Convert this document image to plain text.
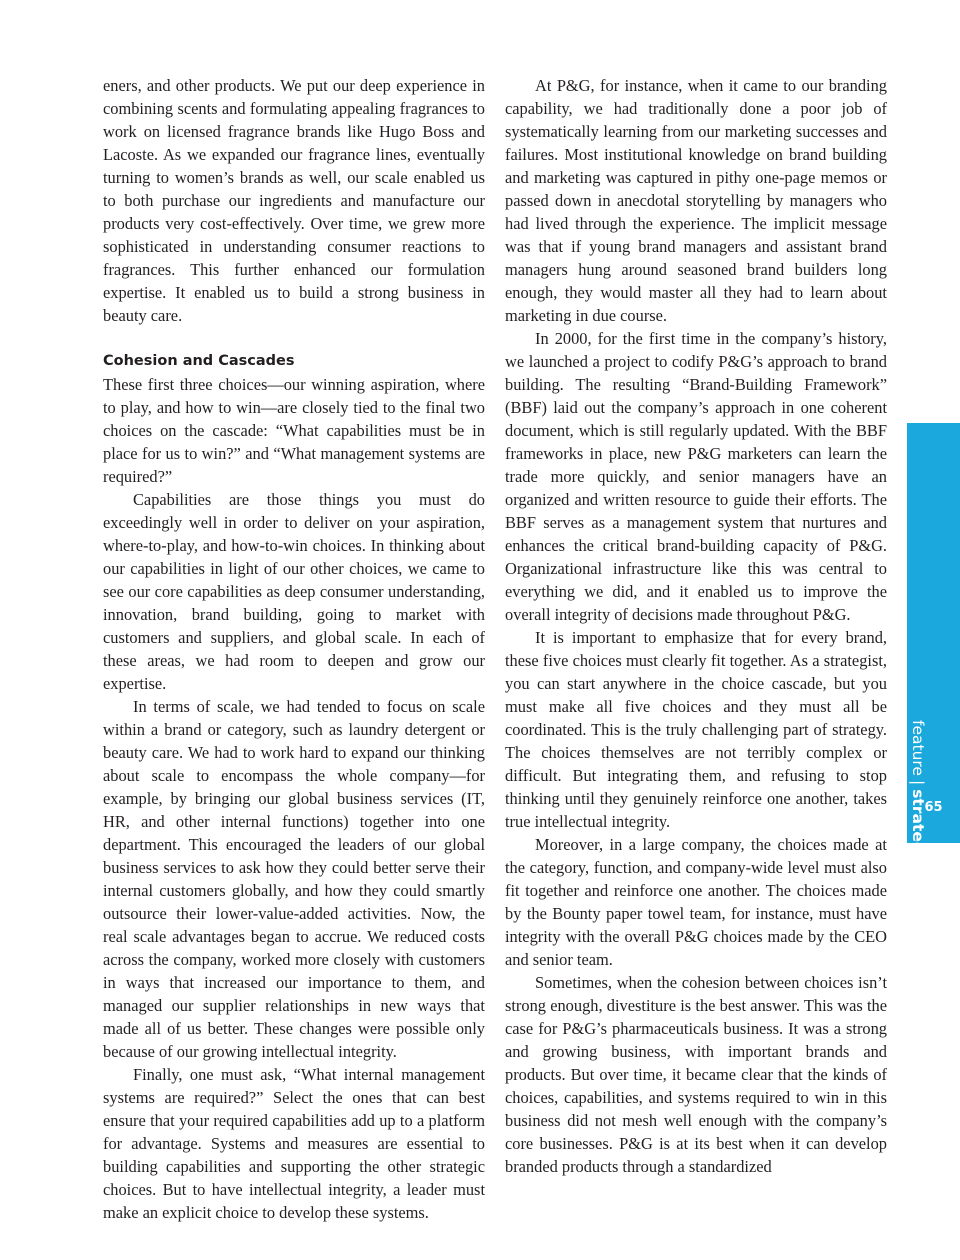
eners, and other products. We put our deep experience in combining scents and formulating appealing fragrances to work on licensed fragrance brands like Hugo Boss and Lacoste. As we expanded our fragrance lines, eventually turning to women’s brands as well, our scale enabled us to both purchase our ingredients and manufacture our products very cost-effectively. Over time, we grew more sophisticated in understanding consumer reactions to fragrances. This further enhanced our formulation expertise. It enabled us to build a strong business in beauty care.

Cohesion and Cascades

These first three choices—our winning aspiration, where to play, and how to win—are closely tied to the final two choices on the cascade: “What capabilities must be in place for us to win?” and “What management systems are required?”

Capabilities are those things you must do exceedingly well in order to deliver on your aspiration, where-to-play, and how-to-win choices. In thinking about our capabilities in light of our other choices, we came to see our core capabilities as deep consumer understanding, innovation, brand building, going to market with customers and suppliers, and global scale. In each of these areas, we had room to deepen and grow our expertise.

In terms of scale, we had tended to focus on scale within a brand or category, such as laundry detergent or beauty care. We had to work hard to expand our thinking about scale to encompass the whole company—for example, by bringing our global business services (IT, HR, and other internal functions) together into one department. This encouraged the leaders of our global business services to ask how they could better serve their internal customers globally, and how they could smartly outsource their lower-value-added activities. Now, the real scale advantages began to accrue. We reduced costs across the company, worked more closely with customers in ways that increased our importance to them, and managed our supplier relationships in new ways that made all of us better. These changes were possible only because of our growing intellectual integrity.

Finally, one must ask, “What internal management systems are required?” Select the ones that can best ensure that your required capabilities add up to a platform for advantage. Systems and measures are essential to building capabilities and supporting the other strategic choices. But to have intellectual integrity, a leader must make an explicit choice to develop these systems.

At P&G, for instance, when it came to our branding capability, we had traditionally done a poor job of systematically learning from our marketing successes and failures. Most institutional knowledge on brand building and marketing was captured in pithy one-page memos or passed down in anecdotal storytelling by managers who had lived through the experience. The implicit message was that if young brand managers and assistant brand managers hung around seasoned brand builders long enough, they would master all they had to learn about marketing in due course.

In 2000, for the first time in the company’s history, we launched a project to codify P&G’s approach to brand building. The resulting “Brand-Building Framework” (BBF) laid out the company’s approach in one coherent document, which is still regularly updated. With the BBF frameworks in place, new P&G marketers can learn the trade more quickly, and senior managers have an organized and written resource to guide their efforts. The BBF serves as a management system that nurtures and enhances the critical brand-building capacity of P&G. Organizational infrastructure like this was central to everything we did, and it enabled us to improve the overall integrity of decisions made throughout P&G.

It is important to emphasize that for every brand, these five choices must clearly fit together. As a strategist, you can start anywhere in the choice cascade, but you must make all five choices and they must all be coordinated. This is the truly challenging part of strategy. The choices themselves are not terribly complex or difficult. But integrating them, and refusing to stop thinking until they genuinely reinforce one another, takes true intellectual integrity.

Moreover, in a large company, the choices made at the category, function, and company-wide level must also fit together and reinforce one another. The choices made by the Bounty paper towel team, for instance, must have integrity with the overall P&G choices made by the CEO and senior team.

Sometimes, when the cohesion between choices isn’t strong enough, divestiture is the best answer. This was the case for P&G’s pharmaceuticals business. It was a strong and growing business, with important brands and products. But over time, it became clear that the kinds of choices, capabilities, and systems required to win in this business did not mesh well enough with the company’s core businesses. P&G is at its best when it can develop branded products through a standardized

feature|strategy & leadership
65
